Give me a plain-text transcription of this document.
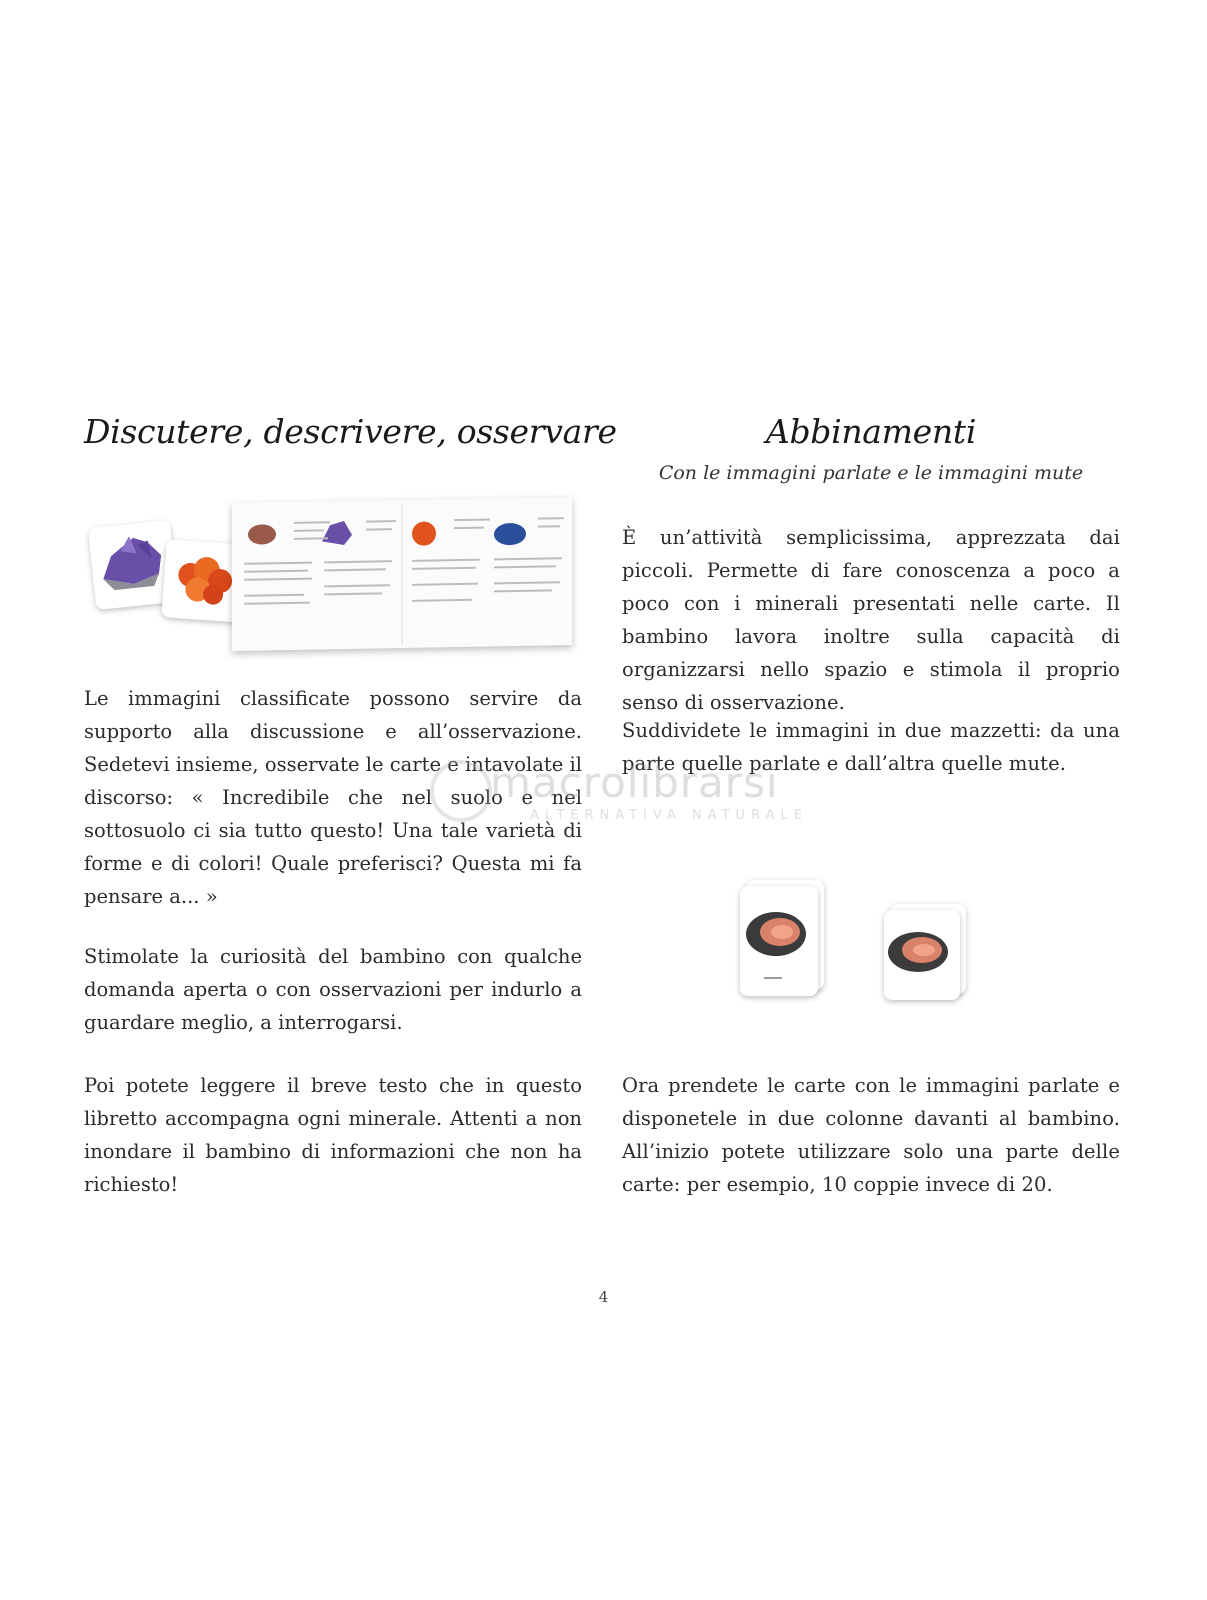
Discutere, descrivere, osservare

Le immagini classificate possono servire da supporto alla discussione e all’osservazione. Sedetevi insieme, osservate le carte e intavolate il discorso: « Incredibile che nel suolo e nel sottosuolo ci sia tutto questo! Una tale varietà di forme e di colori! Quale preferisci? Questa mi fa pensare a... »

Stimolate la curiosità del bambino con qualche domanda aperta o con osservazioni per indurlo a guardare meglio, a interrogarsi.

Poi potete leggere il breve testo che in questo libretto accompagna ogni minerale. Attenti a non inondare il bambino di informazioni che non ha richiesto!

Abbinamenti
Con le immagini parlate e le immagini mute

È un’attività semplicissima, apprezzata dai piccoli. Permette di fare conoscenza a poco a poco con i minerali presentati nelle carte. Il bambino lavora inoltre sulla capacità di organizzarsi nello spazio e stimola il proprio senso di osservazione.

Suddividete le immagini in due mazzetti: da una parte quelle parlate e dall’altra quelle mute.

Ora prendete le carte con le immagini parlate e disponetele in due colonne davanti al bambino. All’inizio potete utilizzare solo una parte delle carte: per esempio, 10 coppie invece di 20.

macrolibrarsi
ALTERNATIVA NATURALE
4
